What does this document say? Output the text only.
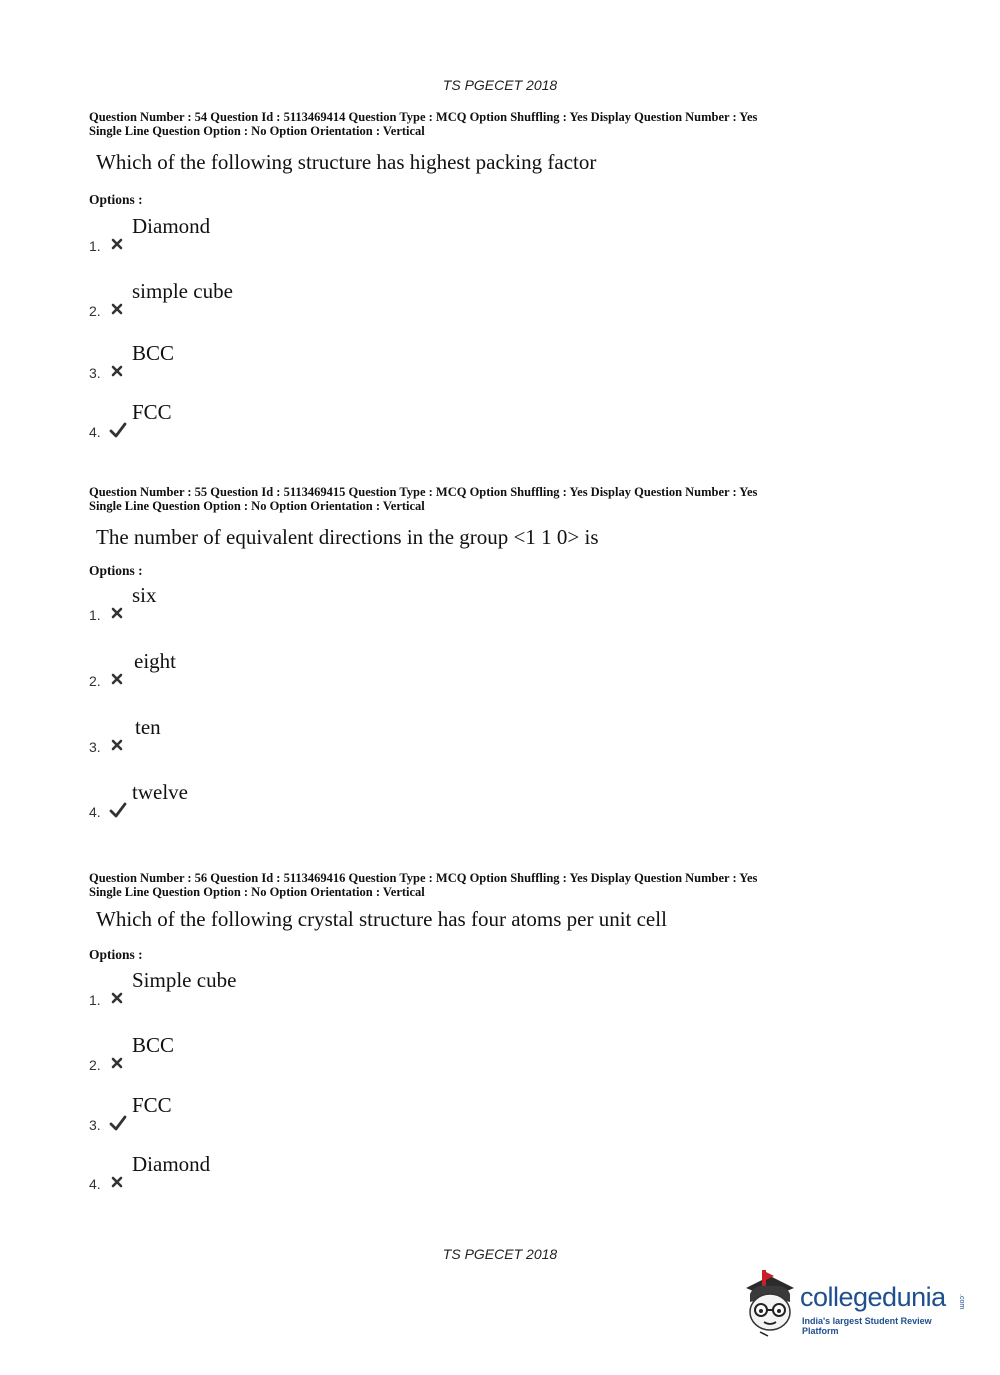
TS PGECET 2018
Question Number : 54 Question Id : 5113469414 Question Type : MCQ Option Shuffling : Yes Display Question Number : Yes
Single Line Question Option : No Option Orientation : Vertical
Which of the following structure has highest packing factor
Options :
1.
Diamond
2.
simple cube
3.
BCC
4.
FCC
Question Number : 55 Question Id : 5113469415 Question Type : MCQ Option Shuffling : Yes Display Question Number : Yes
Single Line Question Option : No Option Orientation : Vertical
The number of equivalent directions in the group <1 1 0> is
Options :
1.
six
2.
eight
3.
ten
4.
twelve
Question Number : 56 Question Id : 5113469416 Question Type : MCQ Option Shuffling : Yes Display Question Number : Yes
Single Line Question Option : No Option Orientation : Vertical
Which of the following crystal structure has four atoms per unit cell
Options :
1.
Simple cube
2.
BCC
3.
FCC
4.
Diamond
TS PGECET 2018
collegedunia .com
India's largest Student Review Platform
